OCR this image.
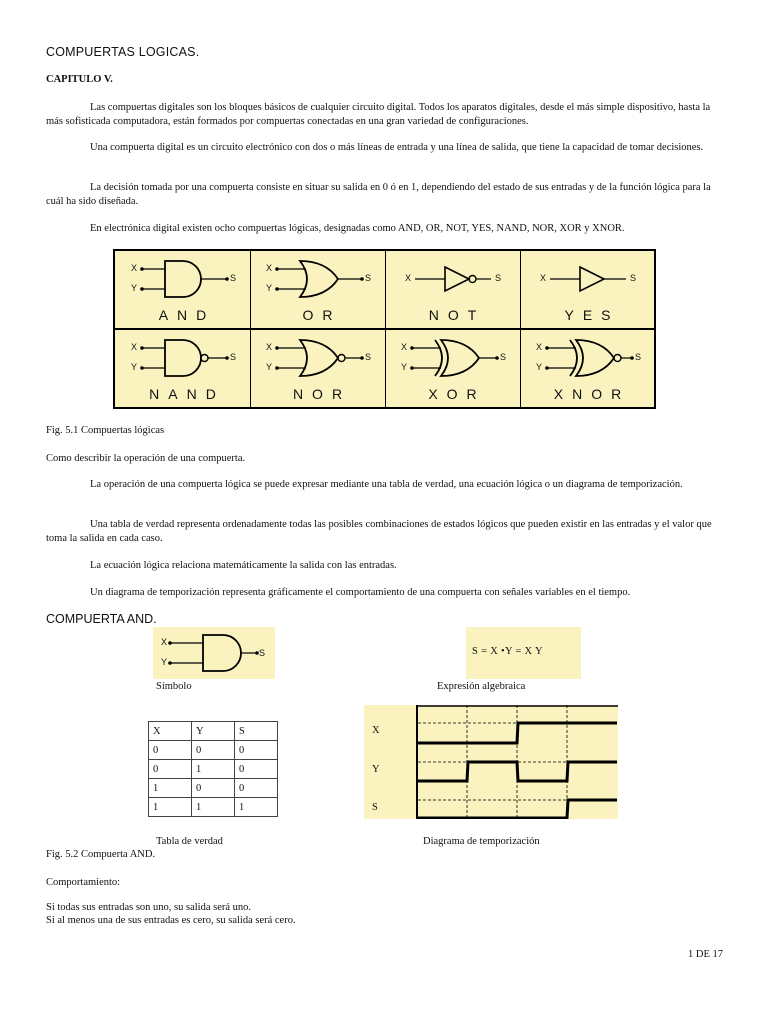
COMPUERTAS LOGICAS.
CAPITULO V.
Las compuertas digitales son los bloques básicos de cualquier circuito digital. Todos los aparatos digitales, desde el más simple dispositivo, hasta la más sofisticada computadora, están formados por compuertas conectadas en una gran variedad de configuraciones.
Una compuerta digital es un circuito electrónico con dos o más líneas de entrada y una línea de salida, que tiene la capacidad de tomar decisiones.
La decisión tomada por una compuerta consiste en situar su salida en 0 ó en 1, dependiendo del estado de sus entradas y de la función lógica para la cuál ha sido diseñada.
En electrónica digital existen ocho compuertas lógicas, designadas como AND, OR, NOT, YES, NAND, NOR, XOR y XNOR.
X
Y
S
AND
X
Y
S
OR
X	S
NOT
X	S
YES
X
Y
S
NAND
X
Y
S
NOR
X
Y
S
XOR
X
Y
S
XNOR
Fig. 5.1 Compuertas lógicas
Como describir la operación de una compuerta.
La operación de una compuerta lógica se puede expresar mediante una tabla de verdad, una ecuación lógica o un diagrama de temporización.
Una tabla de verdad representa ordenadamente todas las posibles combinaciones de estados lógicos que pueden existir en las entradas y el valor que toma la salida en cada caso.
La ecuación lógica relaciona matemáticamente la salida con las entradas.
Un diagrama de temporización representa gráficamente el comportamiento de una compuerta con señales variables en el tiempo.
COMPUERTA AND.
X
Y
S
Símbolo
S = X •Y = X Y
Expresión algebraica
X	Y	S
0	0	0
0	1	0
1	0	0
1	1	1
Tabla de verdad
X
Y
S
Diagrama de temporización
Fig. 5.2 Compuerta AND.
Comportamiento:
Si todas sus entradas son uno, su salida será uno.
Si al menos una de sus entradas es cero, su salida será cero.
1 DE 17
